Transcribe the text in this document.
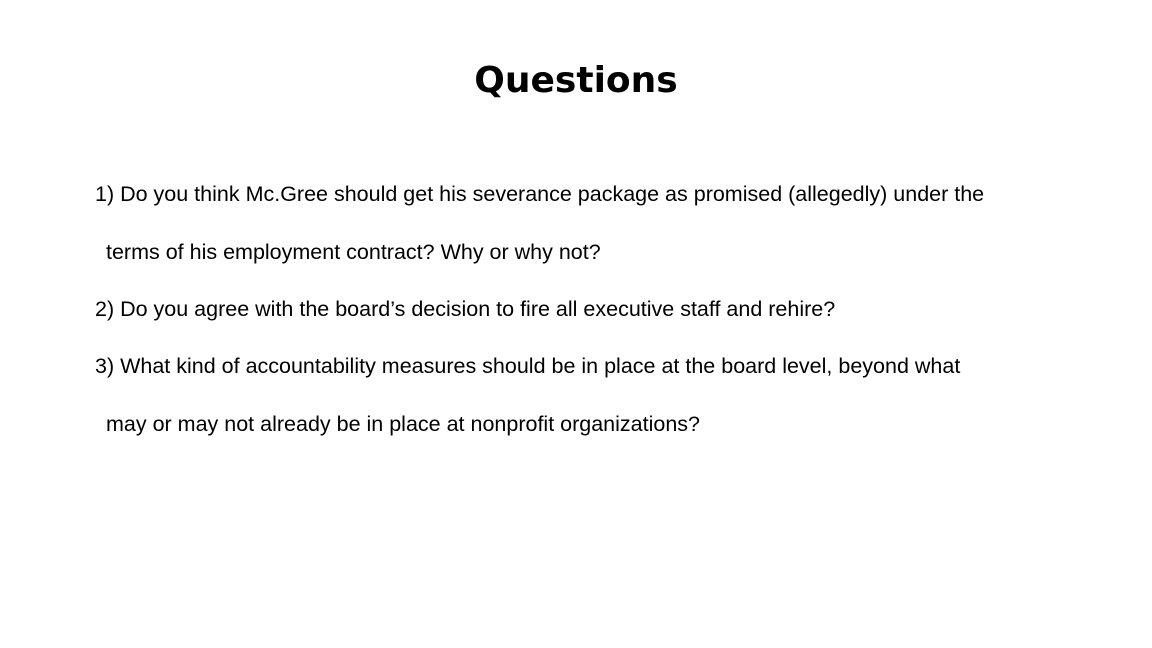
Questions
1) Do you think Mc.Gree should get his severance package as promised (allegedly) under the
terms of his employment contract? Why or why not?
2) Do you agree with the board’s decision to fire all executive staff and rehire?
3) What kind of accountability measures should be in place at the board level, beyond what
may or may not already be in place at nonprofit organizations?
